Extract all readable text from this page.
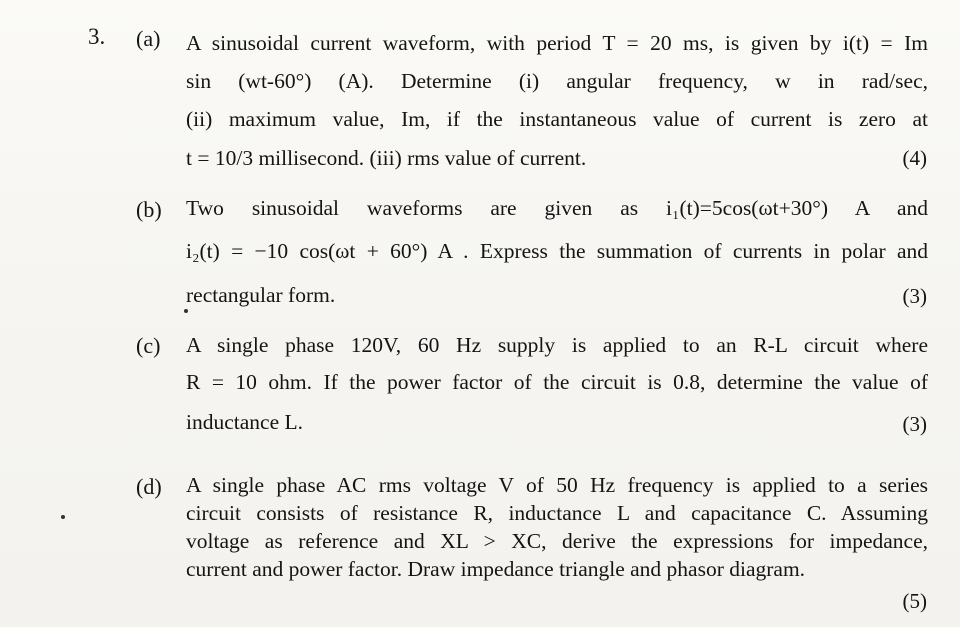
3. (a) A sinusoidal current waveform, with period T = 20 ms, is given by i(t) = Im
sin (wt-60°) (A). Determine (i) angular frequency, w in rad/sec,
(ii) maximum value, Im, if the instantaneous value of current is zero at
t = 10/3 millisecond. (iii) rms value of current.	(4)
(b) Two sinusoidal waveforms are given as i₁(t)=5cos(ωt+30°) A and
i₂(t) = −10 cos(ωt + 60°) A . Express the summation of currents in polar and
rectangular form.	(3)
(c) A single phase 120V, 60 Hz supply is applied to an R-L circuit where
R = 10 ohm. If the power factor of the circuit is 0.8, determine the value of
inductance L.	(3)
(d) A single phase AC rms voltage V of 50 Hz frequency is applied to a series
circuit consists of resistance R, inductance L and capacitance C. Assuming
voltage as reference and XL > XC, derive the expressions for impedance,
current and power factor. Draw impedance triangle and phasor diagram.
(5)
